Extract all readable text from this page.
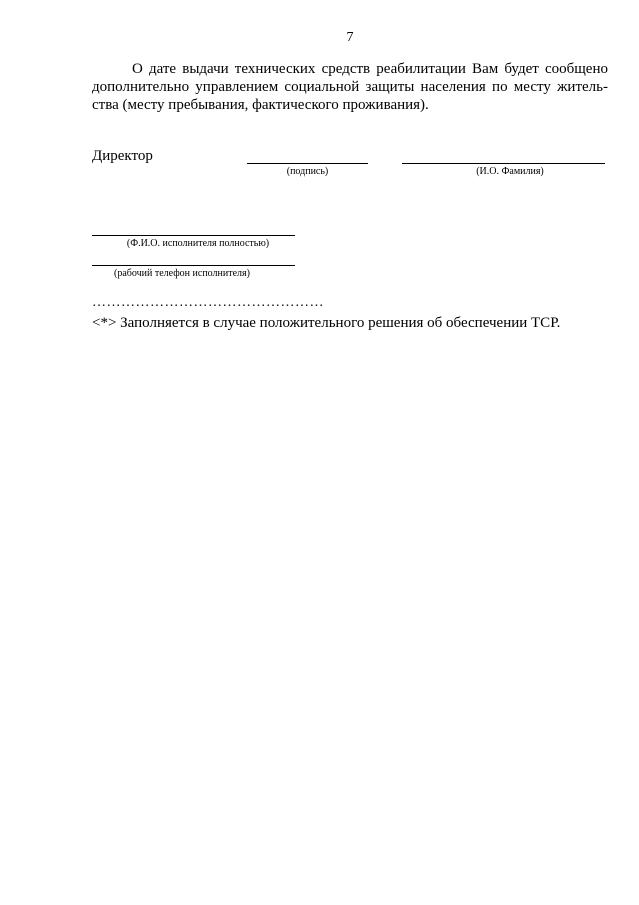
7
О дате выдачи технических средств реабилитации Вам будет сообщено
дополнительно управлением социальной защиты населения по месту житель-
ства (месту пребывания, фактического проживания).
Директор
(подпись)	(И.О. Фамилия)
(Ф.И.О. исполнителя полностью)
(рабочий телефон исполнителя)
…………………………………………
<*> Заполняется в случае положительного решения об обеспечении ТСР.
